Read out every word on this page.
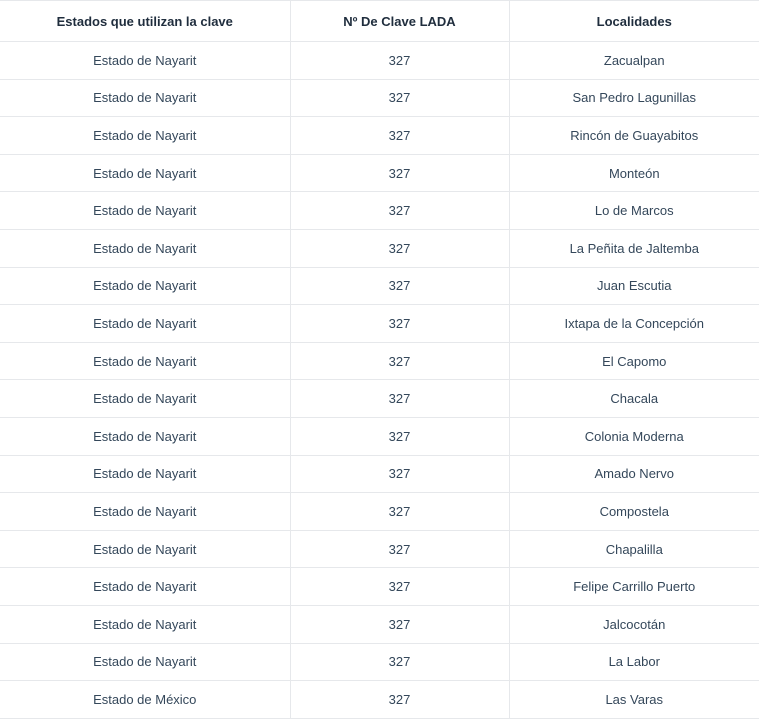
Estados que utilizan la clave	Nº De Clave LADA	Localidades
Estado de Nayarit	327	Zacualpan
Estado de Nayarit	327	San Pedro Lagunillas
Estado de Nayarit	327	Rincón de Guayabitos
Estado de Nayarit	327	Monteón
Estado de Nayarit	327	Lo de Marcos
Estado de Nayarit	327	La Peñita de Jaltemba
Estado de Nayarit	327	Juan Escutia
Estado de Nayarit	327	Ixtapa de la Concepción
Estado de Nayarit	327	El Capomo
Estado de Nayarit	327	Chacala
Estado de Nayarit	327	Colonia Moderna
Estado de Nayarit	327	Amado Nervo
Estado de Nayarit	327	Compostela
Estado de Nayarit	327	Chapalilla
Estado de Nayarit	327	Felipe Carrillo Puerto
Estado de Nayarit	327	Jalcocotán
Estado de Nayarit	327	La Labor
Estado de México	327	Las Varas
